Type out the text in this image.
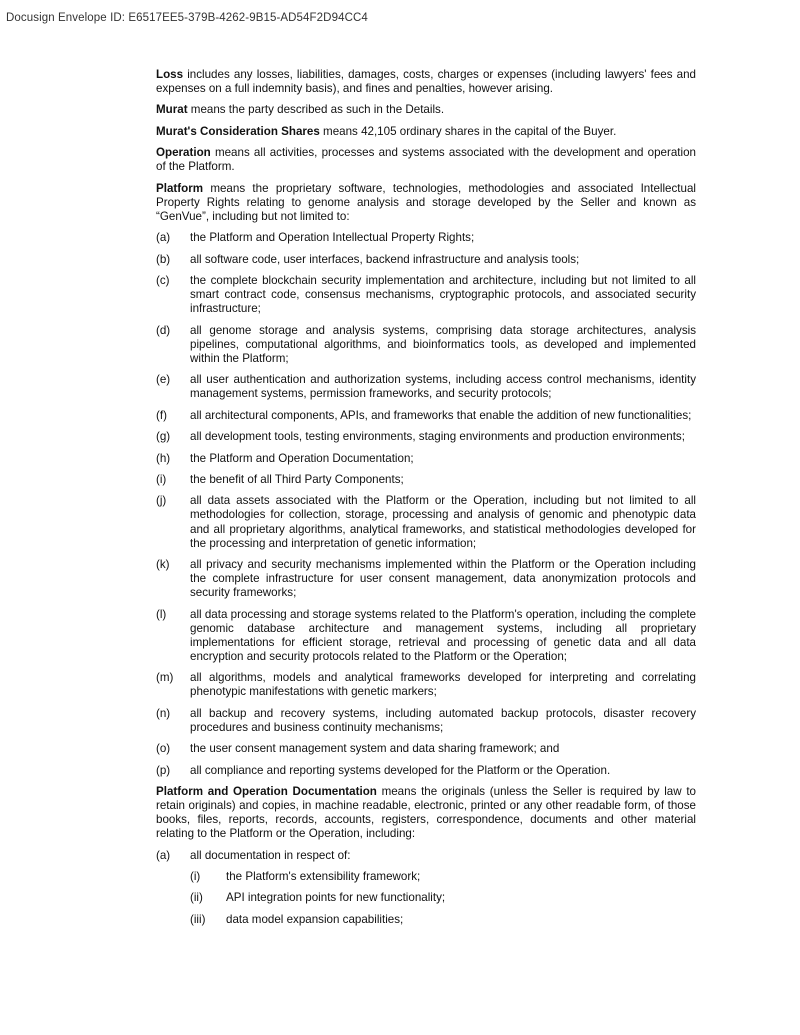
Docusign Envelope ID: E6517EE5-379B-4262-9B15-AD54F2D94CC4

Loss includes any losses, liabilities, damages, costs, charges or expenses (including lawyers' fees and expenses on a full indemnity basis), and fines and penalties, however arising.

Murat means the party described as such in the Details.

Murat's Consideration Shares means 42,105 ordinary shares in the capital of the Buyer.

Operation means all activities, processes and systems associated with the development and operation of the Platform.

Platform means the proprietary software, technologies, methodologies and associated Intellectual Property Rights relating to genome analysis and storage developed by the Seller and known as “GenVue”, including but not limited to:

(a)	the Platform and Operation Intellectual Property Rights;
(b)	all software code, user interfaces, backend infrastructure and analysis tools;
(c)	the complete blockchain security implementation and architecture, including but not limited to all smart contract code, consensus mechanisms, cryptographic protocols, and associated security infrastructure;
(d)	all genome storage and analysis systems, comprising data storage architectures, analysis pipelines, computational algorithms, and bioinformatics tools, as developed and implemented within the Platform;
(e)	all user authentication and authorization systems, including access control mechanisms, identity management systems, permission frameworks, and security protocols;
(f)	all architectural components, APIs, and frameworks that enable the addition of new functionalities;
(g)	all development tools, testing environments, staging environments and production environments;
(h)	the Platform and Operation Documentation;
(i)	the benefit of all Third Party Components;
(j)	all data assets associated with the Platform or the Operation, including but not limited to all methodologies for collection, storage, processing and analysis of genomic and phenotypic data and all proprietary algorithms, analytical frameworks, and statistical methodologies developed for the processing and interpretation of genetic information;
(k)	all privacy and security mechanisms implemented within the Platform or the Operation including the complete infrastructure for user consent management, data anonymization protocols and security frameworks;
(l)	all data processing and storage systems related to the Platform's operation, including the complete genomic database architecture and management systems, including all proprietary implementations for efficient storage, retrieval and processing of genetic data and all data encryption and security protocols related to the Platform or the Operation;
(m)	all algorithms, models and analytical frameworks developed for interpreting and correlating phenotypic manifestations with genetic markers;
(n)	all backup and recovery systems, including automated backup protocols, disaster recovery procedures and business continuity mechanisms;
(o)	the user consent management system and data sharing framework; and
(p)	all compliance and reporting systems developed for the Platform or the Operation.

Platform and Operation Documentation means the originals (unless the Seller is required by law to retain originals) and copies, in machine readable, electronic, printed or any other readable form, of those books, files, reports, records, accounts, registers, correspondence, documents and other material relating to the Platform or the Operation, including:

(a)	all documentation in respect of:
(i)	the Platform's extensibility framework;
(ii)	API integration points for new functionality;
(iii)	data model expansion capabilities;
